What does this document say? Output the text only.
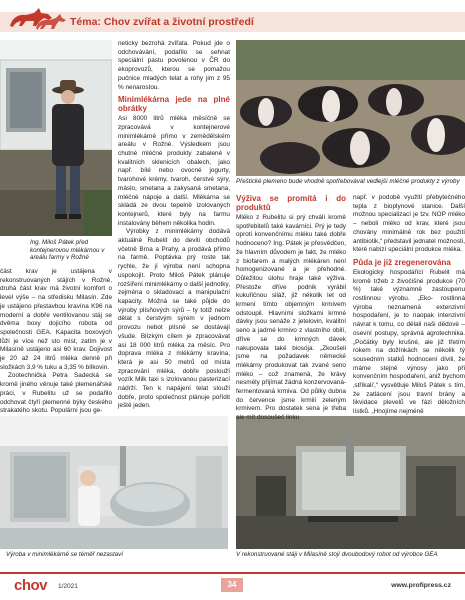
Téma: Chov zvířat a životní prostředí
Ing. Miloš Pátek před kontejnerovou mlékárnou v areálu farmy v Rožné
Přeštické plemeno bude vhodně spotřebovávat vedlejší mléčné produkty z výroby
Výroba v minimlékárně se téměř nezastaví	V rekonstruované stáji v Milasíně stojí dvoubodový robot od výrobce GEA

část krav je ustájena v rekonstruovaných stájích v Rožné, druhá část krav má životní komfort o level výše – na středisku Milasín. Zde je ustájeno přestavbou kravína K96 na moderní a dobře ventilovanou stáj se dvěma boxy dojicího robota od společnosti GEA. Kapacita boxových lůží je více než sto míst, zatím je v Milasíně ustájeno asi 60 krav. Dojivost je 20 až 24 litrů mléka denně při složkách 3,9 % tuku a 3,35 % bílkovin.

Zootechnička Petra Sadecká se kromě jiného věnuje také plemenářské práci, v Rubelitu už se podařilo odchovat čtyři plemenné býky českého strakatého skotu. Populární jsou ge-

neticky bezrohá zvířata. Pokud jde o odchovávání, podařilo se sehnat speciální pastu povolenou v ČR do ekoprovozů, kterou se pomažou pučnice mladých telat a rohy jim z 95 % nenarostou.

Minimlékárna jede na plné obrátky

Asi 8000 litrů mléka měsíčně se zpracovává v kontejnerové minimlékárně přímo v zemědělském areálu v Rožné. Výsledkem jsou chutné mléčné produkty zabalené v kvalitních sklenicích obalech, jako např. bílé nebo ovocné jogurty, tvarohové krémy, tvaroh, čerstvé sýry, máslo, smetana a zakysaná smetana, mléčné nápoje a další. Mlékárna se skládá ze dvou tepelně izolovaných kontejnerů, které byly na farmu instalovány během několika hodin.

Výrobky z minimlékárny dodává aktuálně Rubelit do deviti obchodů včetně Brna a Prahy, a prodává přímo na farmě. Poptávka prý roste tak rychle, že jí výroba není schopna uspokojit. Proto Miloš Pátek plánuje rozšíření minimlékárny o další jednotky, zejména o skladovací a manipulační kapacity. Možná se také půjde do výroby plísňových sýrů – ty totiž nelze dělat s čerstvým sýrem v jednom provozu nebot plísně se dostávají všude. Blízkým cílem je zpracovávat asi 18 000 litrů mléka za měsíc. Pro doprava mléka z mlékárny kravína, která je asi 50 metrů od místa zpracování mléka, dobře poslouží vozík Milk taxi s izolovanou pasterizací nádrží. Ten k napájení telat slouží dobře, proto společnost plánuje pořídit ještě jeden.

Výživa se promítá i do produktů

Mléko z Rubelitu si prý chválí kromě spotřebitelů také kavárníci. Prý je tedy oproti konvenčnímu mléku také dobře hodnoceno? Ing. Pátek je přesvědčen, že hlavním důvodem je fakt, že mléko z biofarem a malých mlékáren není homogenizované a je přehodné. Důležitou úlohu hraje také výživa. Přestože dříve podnik vyrábil kukuřičnou siláž, již několik let od krmení tímto objemným krmivem odstoupil. Hlavními složkami krmné dávky jsou senáže z jetelovin, kvalitní seno a jadrné krmivo z vlastního obilí, dříve se do krmných dávek nakupovala také biosója. „Zkoušeli jsme na požadavek německé mlékárny produkovat tak zvané seno mléko – což znamená, že krávy nesměly přijímat žádná konzervovaná-fermentovaná krmiva. Od půlky dubna do července jsme krmili zeleným krmivem. Pro dostatek sena je třeba ale mít dosoušeč linku

např. v podobě využití přebytečného tepla z bioplynové stanice. Další možnou specializací je tzv. NOP mléko – neboli mléko od krav, které jsou chovány minimálně rok bez použití antibiotik,“ představil jednatel možnosti, které nabízí speciální produkce mléka.

Půda je již zregenerována

Ekologický hospodářící Rubelit má kromě tržeb z živočišné produkce (70 %) také významně zastoupenu rostlinnou výrobu. „Eko- rostlinná výroba neznamená extenzivní hospodaření, je to naopak intenzivní návrat k tomu, co dělali naši dědové – osevní postupy, správná agrotechnika. „Počátky byly krušné, ale již třetím rokem na dožínkách se několik tý sousedním statků hodnocení dívili, že máme stejné výnosy jako při konvenčním hospodaření, aniž bychom ‚stříkali',“ vysvětluje Miloš Pátek s tím, že zatlácení jsou travní brány a likvidace plevelů ve fázi děložních lístků. „Hnojíme nejméně

chov 1/2021	34	www.profipress.cz
